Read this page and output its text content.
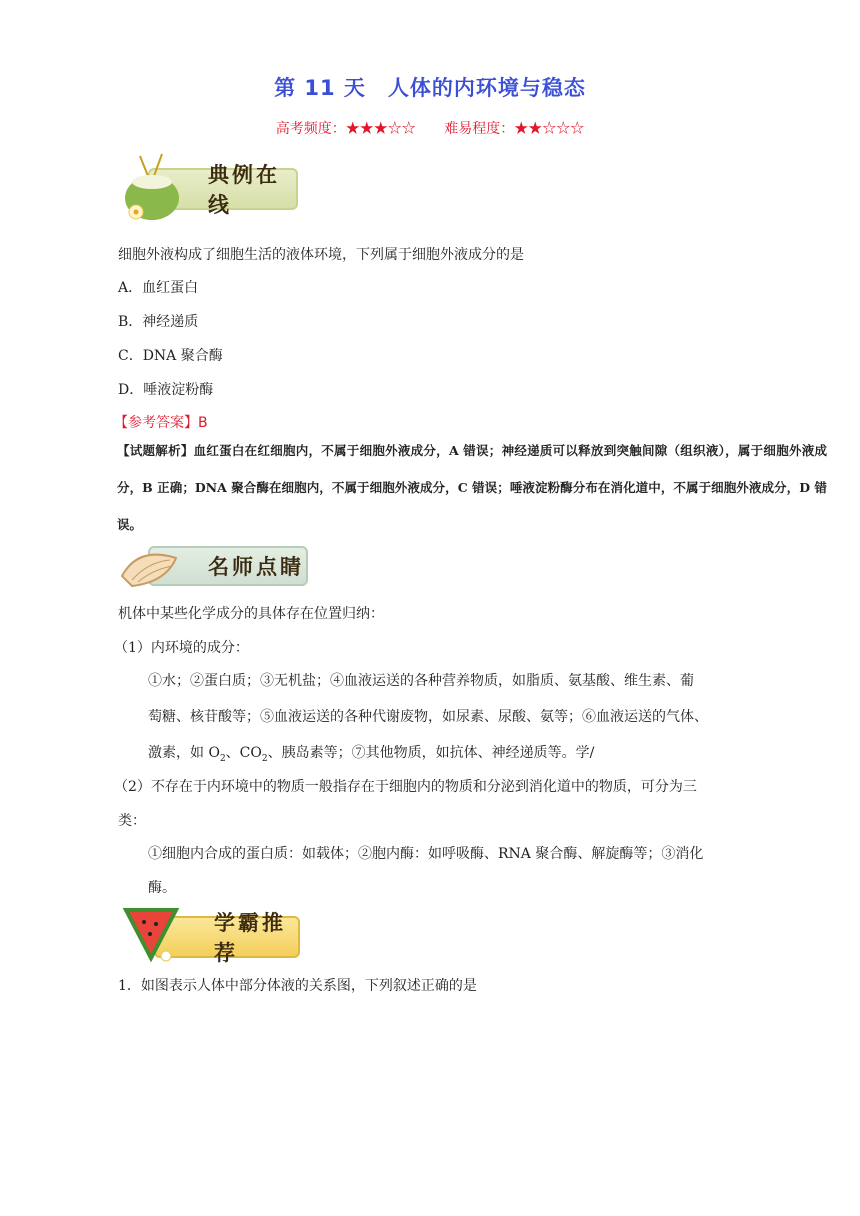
第 11 天　人体的内环境与稳态
高考频度：★★★☆☆ 难易程度：★★☆☆☆
典例在线
细胞外液构成了细胞生活的液体环境，下列属于细胞外液成分的是
A．血红蛋白
B．神经递质
C．DNA 聚合酶
D．唾液淀粉酶
【参考答案】B
【试题解析】血红蛋白在红细胞内，不属于细胞外液成分，A 错误；神经递质可以释放到突触间隙（组织液），属于细胞外液成分，B 正确；DNA 聚合酶在细胞内，不属于细胞外液成分，C 错误；唾液淀粉酶分布在消化道中，不属于细胞外液成分，D 错误。
名师点睛
机体中某些化学成分的具体存在位置归纳：
（1）内环境的成分：
①水；②蛋白质；③无机盐；④血液运送的各种营养物质，如脂质、氨基酸、维生素、葡
萄糖、核苷酸等；⑤血液运送的各种代谢废物，如尿素、尿酸、氨等；⑥血液运送的气体、
激素，如 $O_2$、$CO_2$、胰岛素等；⑦其他物质，如抗体、神经递质等。学/
（2）不存在于内环境中的物质一般指存在于细胞内的物质和分泌到消化道中的物质，可分为三
类：
①细胞内合成的蛋白质：如载体；②胞内酶：如呼吸酶、RNA 聚合酶、解旋酶等；③消化
酶。
学霸推荐
1．如图表示人体中部分体液的关系图，下列叙述正确的是
